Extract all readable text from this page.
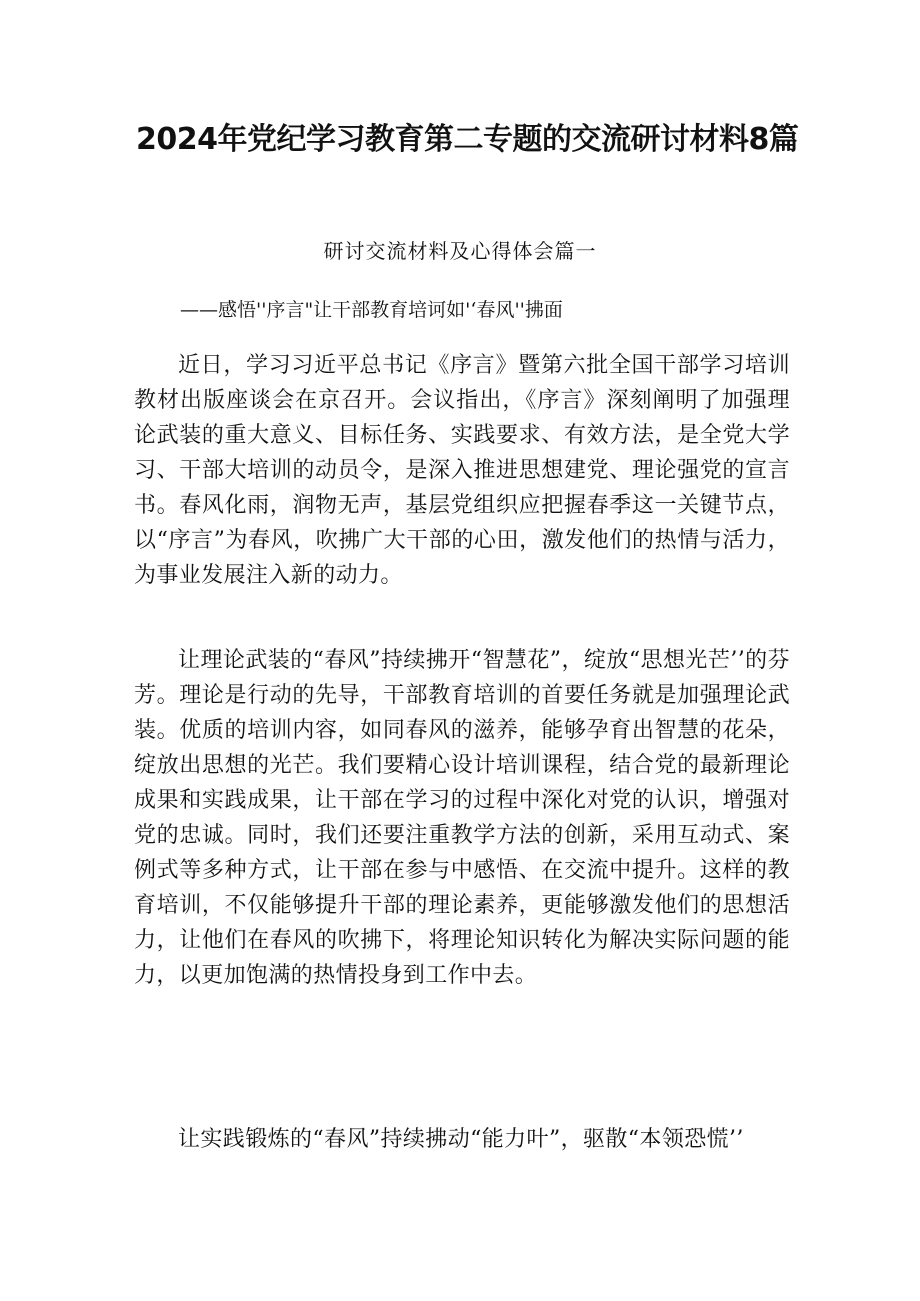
2024年党纪学习教育第二专题的交流研讨材料8篇
研讨交流材料及心得体会篇一
——感悟''序言"让干部教育培诃如'‘春风''拂面
近日，学习习近平总书记《序言》暨第六批全国干部学习培训教材出版座谈会在京召开。会议指出，《序言》深刻阐明了加强理论武装的重大意义、目标任务、实践要求、有效方法，是全党大学习、干部大培训的动员令，是深入推进思想建党、理论强党的宣言书。春风化雨，润物无声，基层党组织应把握春季这一关键节点，以“序言”为春风，吹拂广大干部的心田，激发他们的热情与活力，为事业发展注入新的动力。
让理论武装的“春风”持续拂开“智慧花”，绽放“思想光芒’’的芬芳。理论是行动的先导，干部教育培训的首要任务就是加强理论武装。优质的培训内容，如同春风的滋养，能够孕育出智慧的花朵，绽放出思想的光芒。我们要精心设计培训课程，结合党的最新理论成果和实践成果，让干部在学习的过程中深化对党的认识，增强对党的忠诚。同时，我们还要注重教学方法的创新，采用互动式、案例式等多种方式，让干部在参与中感悟、在交流中提升。这样的教育培训，不仅能够提升干部的理论素养，更能够激发他们的思想活力，让他们在春风的吹拂下，将理论知识转化为解决实际问题的能力，以更加饱满的热情投身到工作中去。
让实践锻炼的“春风”持续拂动“能力叶”，驱散“本领恐慌’’
